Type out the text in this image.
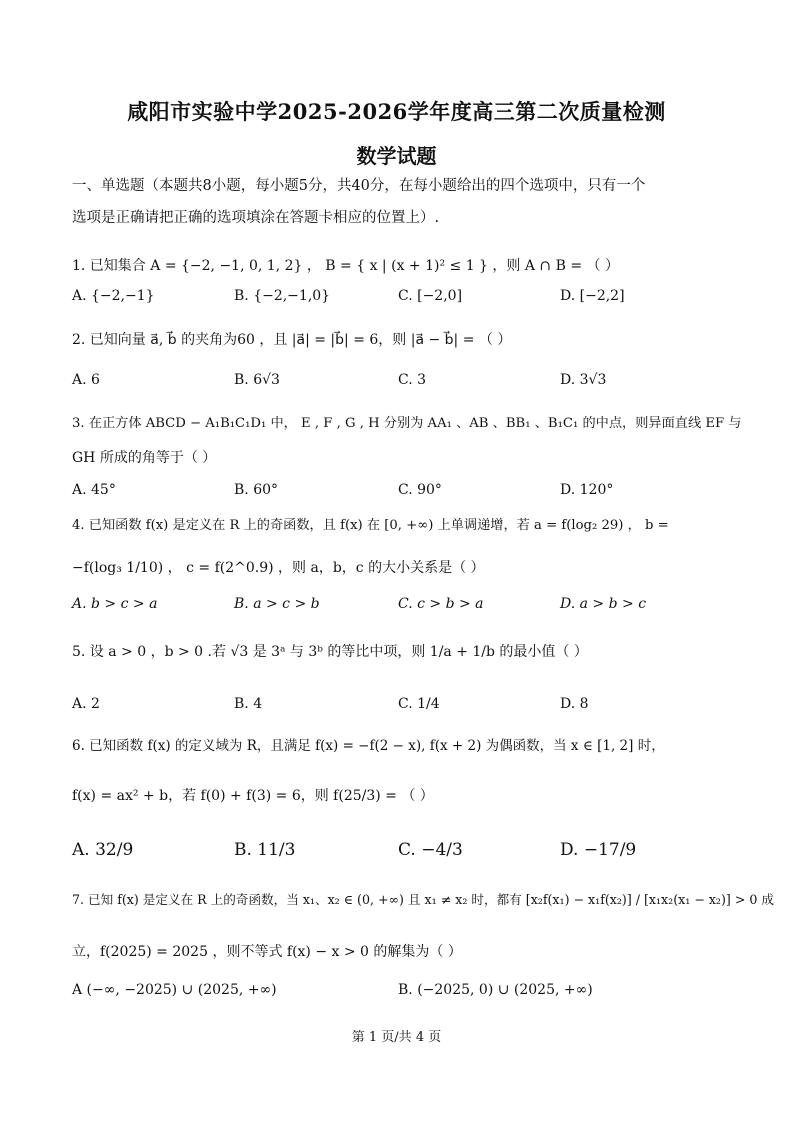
咸阳市实验中学2025-2026学年度高三第二次质量检测
数学试题
一、单选题（本题共8小题，每小题5分，共40分，在每小题给出的四个选项中，只有一个
选项是正确请把正确的选项填涂在答题卡相应的位置上）.
1. 已知集合 A = {−2, −1, 0, 1, 2} ， B = { x | (x + 1)² ≤ 1 } ，则 A ∩ B = （ ）
A. {−2,−1}	B. {−2,−1,0}	C. [−2,0]	D. [−2,2]
2. 已知向量 a⃗, b⃗ 的夹角为60 ，且 |a⃗| = |b⃗| = 6，则 |a⃗ − b⃗| = （ ）
A. 6	B. 6√3	C. 3	D. 3√3
3. 在正方体 ABCD − A₁B₁C₁D₁ 中， E , F , G , H 分别为 AA₁ 、AB 、BB₁ 、B₁C₁ 的中点，则异面直线 EF 与
GH 所成的角等于（ ）
A. 45°	B. 60°	C. 90°	D. 120°
4. 已知函数 f(x) 是定义在 R 上的奇函数，且 f(x) 在 [0, +∞) 上单调递增，若 a = f(log₂ 29) ， b =
−f(log₃ 1/10) ， c = f(2^0.9) ，则 a，b，c 的大小关系是（ ）
A. b > c > a	B. a > c > b	C. c > b > a	D. a > b > c
5. 设 a > 0 ，b > 0 .若 √3 是 3ᵃ 与 3ᵇ 的等比中项，则 1/a + 1/b 的最小值（ ）
A. 2	B. 4	C. 1/4	D. 8
6. 已知函数 f(x) 的定义域为 R，且满足 f(x) = −f(2 − x), f(x + 2) 为偶函数，当 x ∈ [1, 2] 时，
f(x) = ax² + b，若 f(0) + f(3) = 6，则 f(25/3) = （ ）
A. 32/9	B. 11/3	C. −4/3	D. −17/9
7. 已知 f(x) 是定义在 R 上的奇函数，当 x₁、x₂ ∈ (0, +∞) 且 x₁ ≠ x₂ 时，都有 [x₂f(x₁) − x₁f(x₂)] / [x₁x₂(x₁ − x₂)] > 0 成
立，f(2025) = 2025 ，则不等式 f(x) − x > 0 的解集为（ ）
A (−∞, −2025) ∪ (2025, +∞)	B. (−2025, 0) ∪ (2025, +∞)
第 1 页/共 4 页
